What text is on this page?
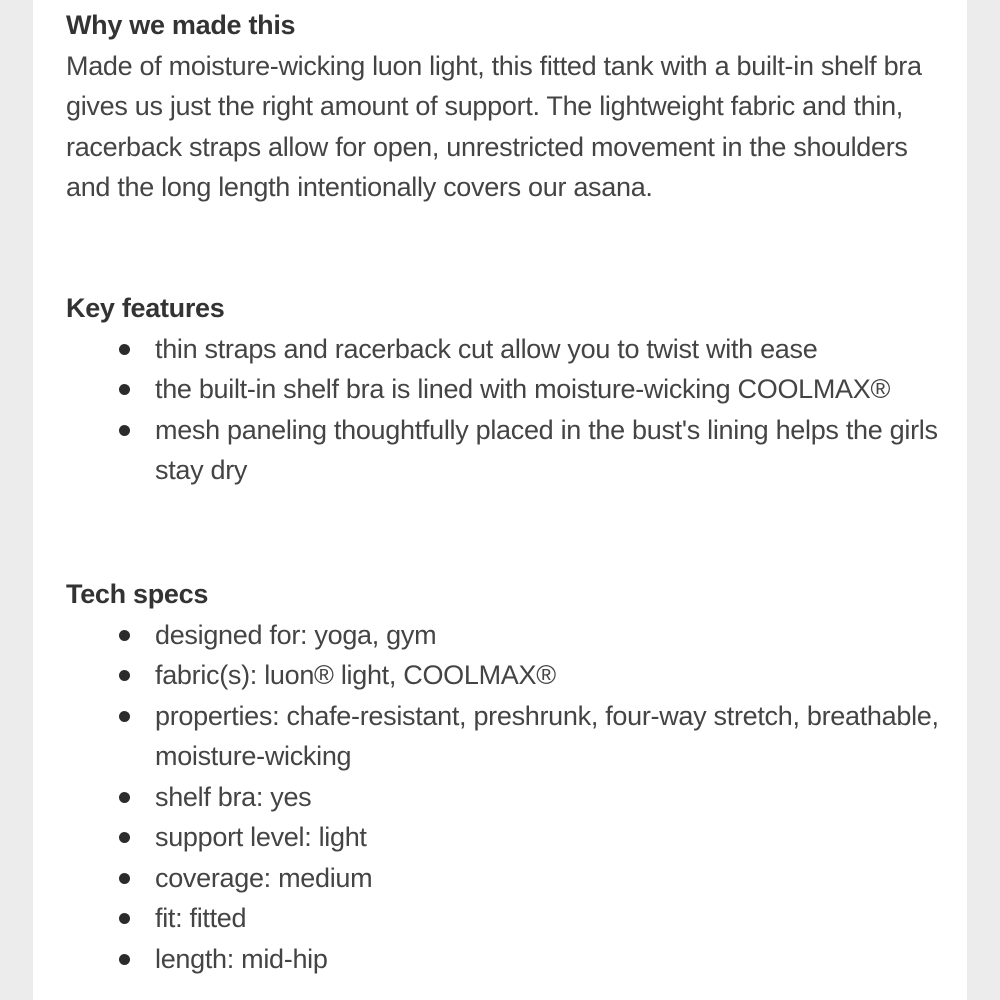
Why we made this

Made of moisture-wicking luon light, this fitted tank with a built-in shelf bra gives us just the right amount of support. The lightweight fabric and thin, racerback straps allow for open, unrestricted movement in the shoulders and the long length intentionally covers our asana.

Key features
thin straps and racerback cut allow you to twist with ease
the built-in shelf bra is lined with moisture-wicking COOLMAX®
mesh paneling thoughtfully placed in the bust's lining helps the girls stay dry
Tech specs
designed for: yoga, gym
fabric(s): luon® light, COOLMAX®
properties: chafe-resistant, preshrunk, four-way stretch, breathable, moisture-wicking
shelf bra: yes
support level: light
coverage: medium
fit: fitted
length: mid-hip
